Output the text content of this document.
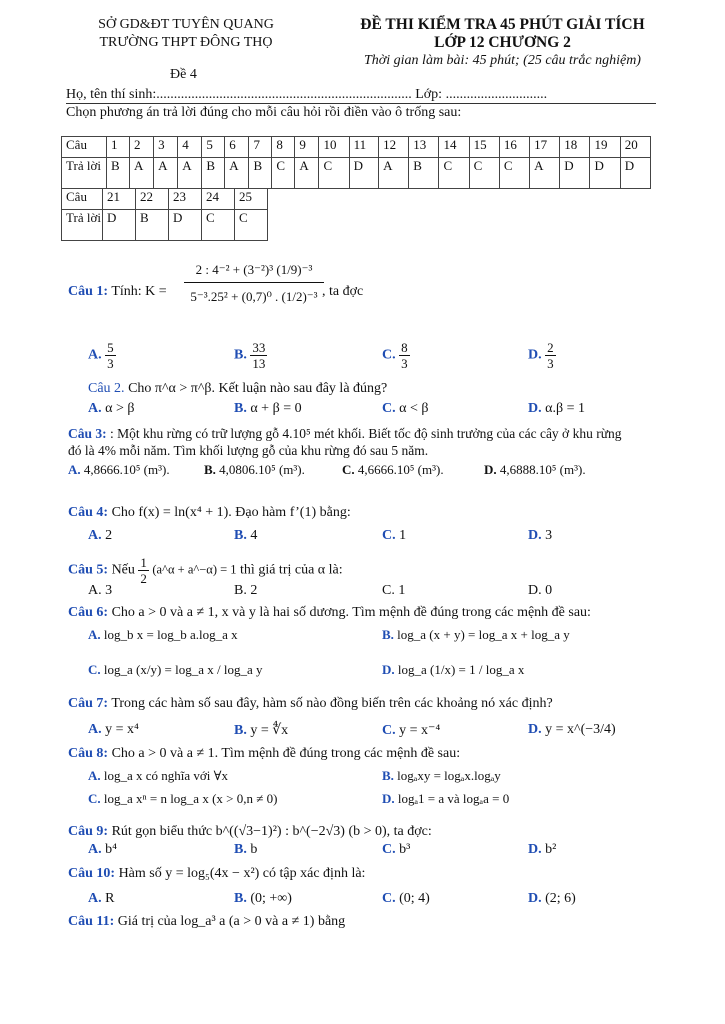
SỞ GD&ĐT TUYÊN QUANG
TRƯỜNG THPT ĐÔNG THỌ
ĐỀ THI KIỂM TRA 45 PHÚT GIẢI TÍCH
LỚP 12 CHƯƠNG 2
Thời gian làm bài: 45 phút; (25 câu trắc nghiệm)
Đề 4
Họ, tên thí sinh:......................................................................... Lớp: .............................
Chọn phương án trả lời đúng cho mỗi câu hỏi rồi điền vào ô trống sau:
Câu	1	2	3	4	5	6	7	8	9	10	11	12	13	14	15	16	17	18	19	20
Trả lời	B	A	A	A	B	A	B	C	A	C	D	A	B	C	C	C	A	D	D	D
Câu	21	22	23	24	25
Trả lời	D	B	D	C	C
Câu 1: Tính: $K = \frac{\text{2 : 4⁻² + (3⁻²)³ (1/9)⁻³}}{\text{5⁻³.25² + (0,7)⁰ . (1/2)⁻³}}$
, ta đợc
A. $\frac{5}{3}$	B. $\frac{33}{13}$	C. $\frac{8}{3}$	D. $\frac{2}{3}$
Câu 2. Cho π^α > π^β. Kết luận nào sau đây là đúng?
A. α > β	B. α + β = 0	C. α < β	D. α.β = 1
Câu 3: : Một khu rừng có trữ lượng gỗ 4.10⁵ mét khối. Biết tốc độ sinh trưởng của các cây ở khu rừng
đó là 4% mỗi năm. Tìm khối lượng gỗ của khu rừng đó sau 5 năm.
A. 4,8666.10⁵ (m³).	B. 4,0806.10⁵ (m³).	C. 4,6666.10⁵ (m³).	D. 4,6888.10⁵ (m³).
Câu 4: Cho f(x) = ln(x⁴ + 1). Đạo hàm f’(1) bằng:
A. 2	B. 4	C. 1	D. 3
Câu 5: Nếu $\frac{1}{2}$ (a^α + a^−α) = 1 thì giá trị của α là:
A. 3	B. 2	C. 1	D. 0
Câu 6: Cho a > 0 và a ≠ 1, x và y là hai số dương. Tìm mệnh đề đúng trong các mệnh đề sau:
A. log_b x = log_b a.log_a x	B. log_a (x + y) = log_a x + log_a y
C. log_a (x/y) = log_a x / log_a y	D. log_a (1/x) = 1 / log_a x
Câu 7: Trong các hàm số sau đây, hàm số nào đồng biến trên các khoảng nó xác định?
A. y = x⁴	B. y = ∜x	C. y = x⁻⁴	D. y = x^(−3/4)
Câu 8: Cho a > 0 và a ≠ 1. Tìm mệnh đề đúng trong các mệnh đề sau:
A. log_a x có nghĩa với ∀x	B. logₐxy = logₐx.logₐy
C. log_a xⁿ = n log_a x (x > 0,n ≠ 0)	D. logₐ1 = a và logₐa = 0
Câu 9: Rút gọn biểu thức b^((√3−1)²) : b^(−2√3) (b > 0), ta đợc:
A. b⁴	B. b	C. b³	D. b²
Câu 10: Hàm số y = log₅(4x − x²) có tập xác định là:
A. R	B. (0; +∞)	C. (0; 4)	D. (2; 6)
Câu 11: Giá trị của log_a³ a (a > 0 và a ≠ 1) bằng
